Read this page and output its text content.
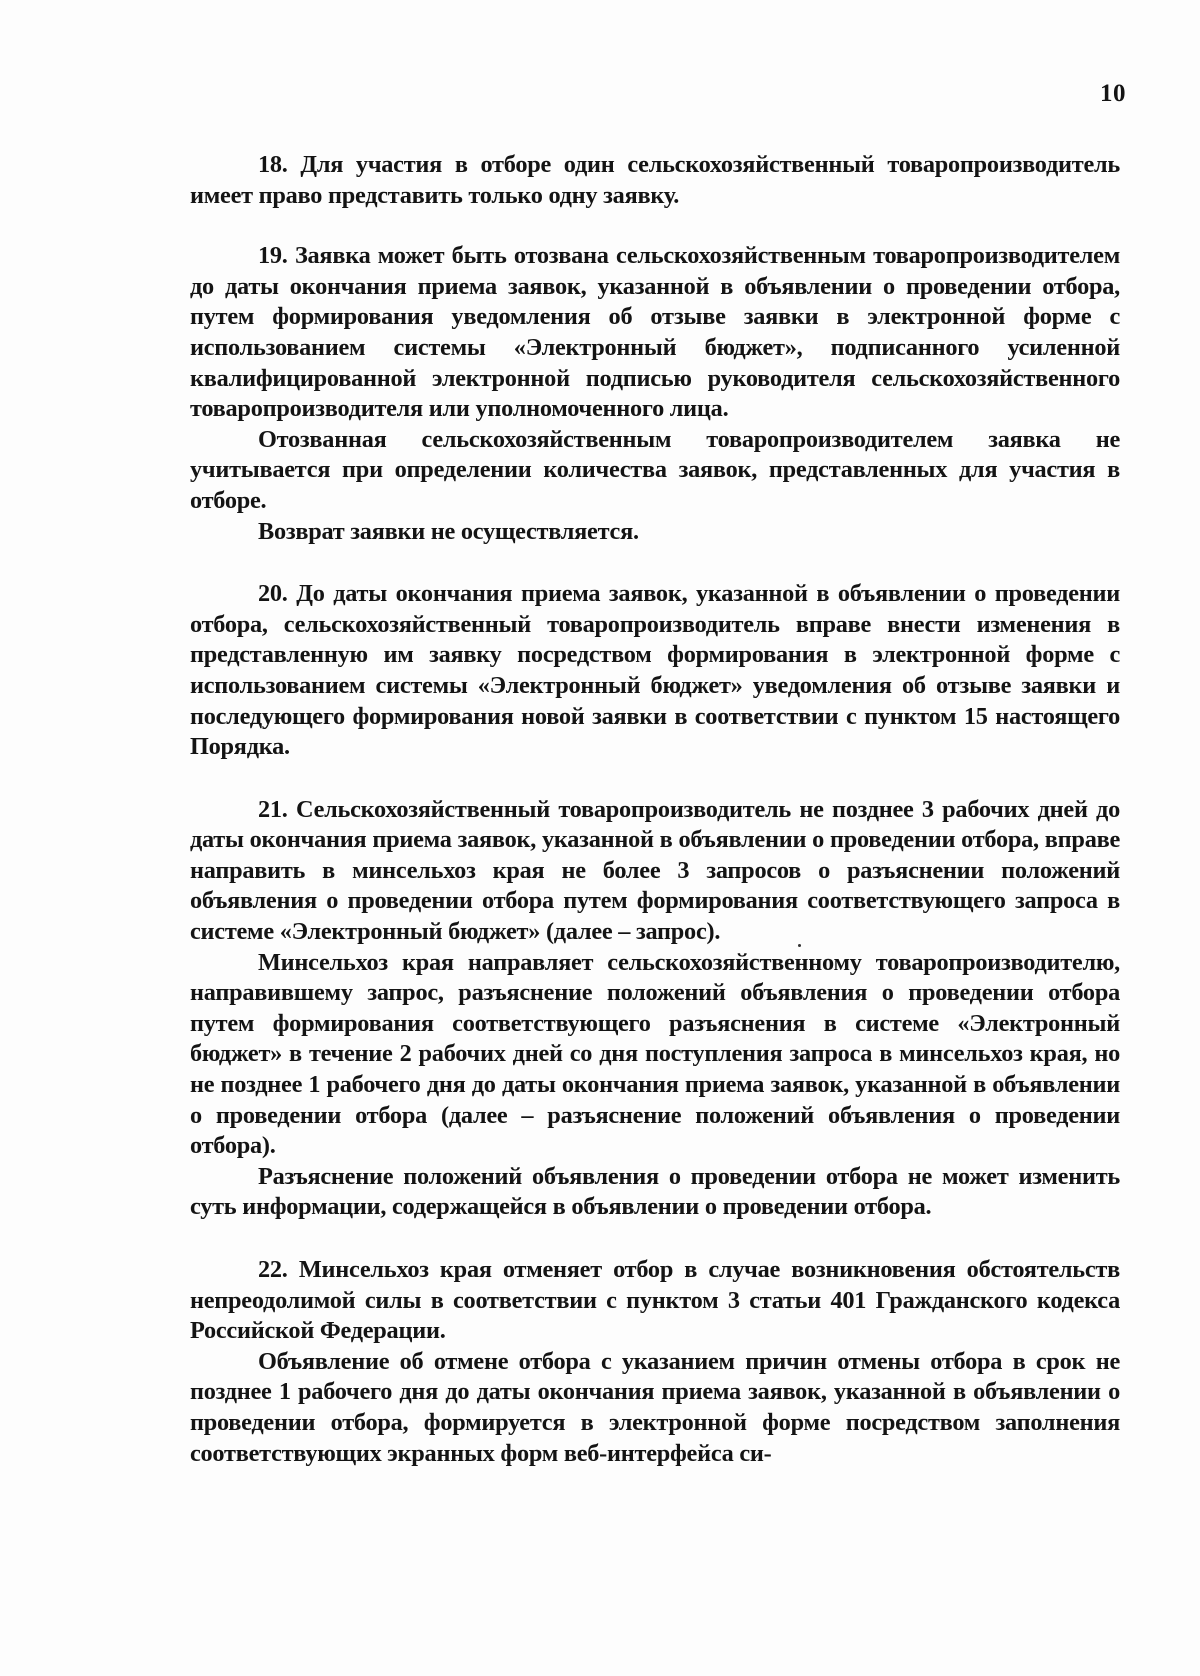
10

18. Для участия в отборе один сельскохозяйственный товаропроизводитель имеет право представить только одну заявку.

19. Заявка может быть отозвана сельскохозяйственным товаропроизводителем до даты окончания приема заявок, указанной в объявлении о проведении отбора, путем формирования уведомления об отзыве заявки в электронной форме с использованием системы «Электронный бюджет», подписанного усиленной квалифицированной электронной подписью руководителя сельскохозяйственного товаропроизводителя или уполномоченного лица.

Отозванная сельскохозяйственным товаропроизводителем заявка не учитывается при определении количества заявок, представленных для участия в отборе.

Возврат заявки не осуществляется.

20. До даты окончания приема заявок, указанной в объявлении о проведении отбора, сельскохозяйственный товаропроизводитель вправе внести изменения в представленную им заявку посредством формирования в электронной форме с использованием системы «Электронный бюджет» уведомления об отзыве заявки и последующего формирования новой заявки в соответствии с пунктом 15 настоящего Порядка.

21. Сельскохозяйственный товаропроизводитель не позднее 3 рабочих дней до даты окончания приема заявок, указанной в объявлении о проведении отбора, вправе направить в минсельхоз края не более 3 запросов о разъяснении положений объявления о проведении отбора путем формирования соответствующего запроса в системе «Электронный бюджет» (далее – запрос).

Минсельхоз края направляет сельскохозяйственному товаропроизводителю, направившему запрос, разъяснение положений объявления о проведении отбора путем формирования соответствующего разъяснения в системе «Электронный бюджет» в течение 2 рабочих дней со дня поступления запроса в минсельхоз края, но не позднее 1 рабочего дня до даты окончания приема заявок, указанной в объявлении о проведении отбора (далее – разъяснение положений объявления о проведении отбора).

Разъяснение положений объявления о проведении отбора не может изменить суть информации, содержащейся в объявлении о проведении отбора.

22. Минсельхоз края отменяет отбор в случае возникновения обстоятельств непреодолимой силы в соответствии с пунктом 3 статьи 401 Гражданского кодекса Российской Федерации.

Объявление об отмене отбора с указанием причин отмены отбора в срок не позднее 1 рабочего дня до даты окончания приема заявок, указанной в объявлении о проведении отбора, формируется в электронной форме посредством заполнения соответствующих экранных форм веб-интерфейса си-
